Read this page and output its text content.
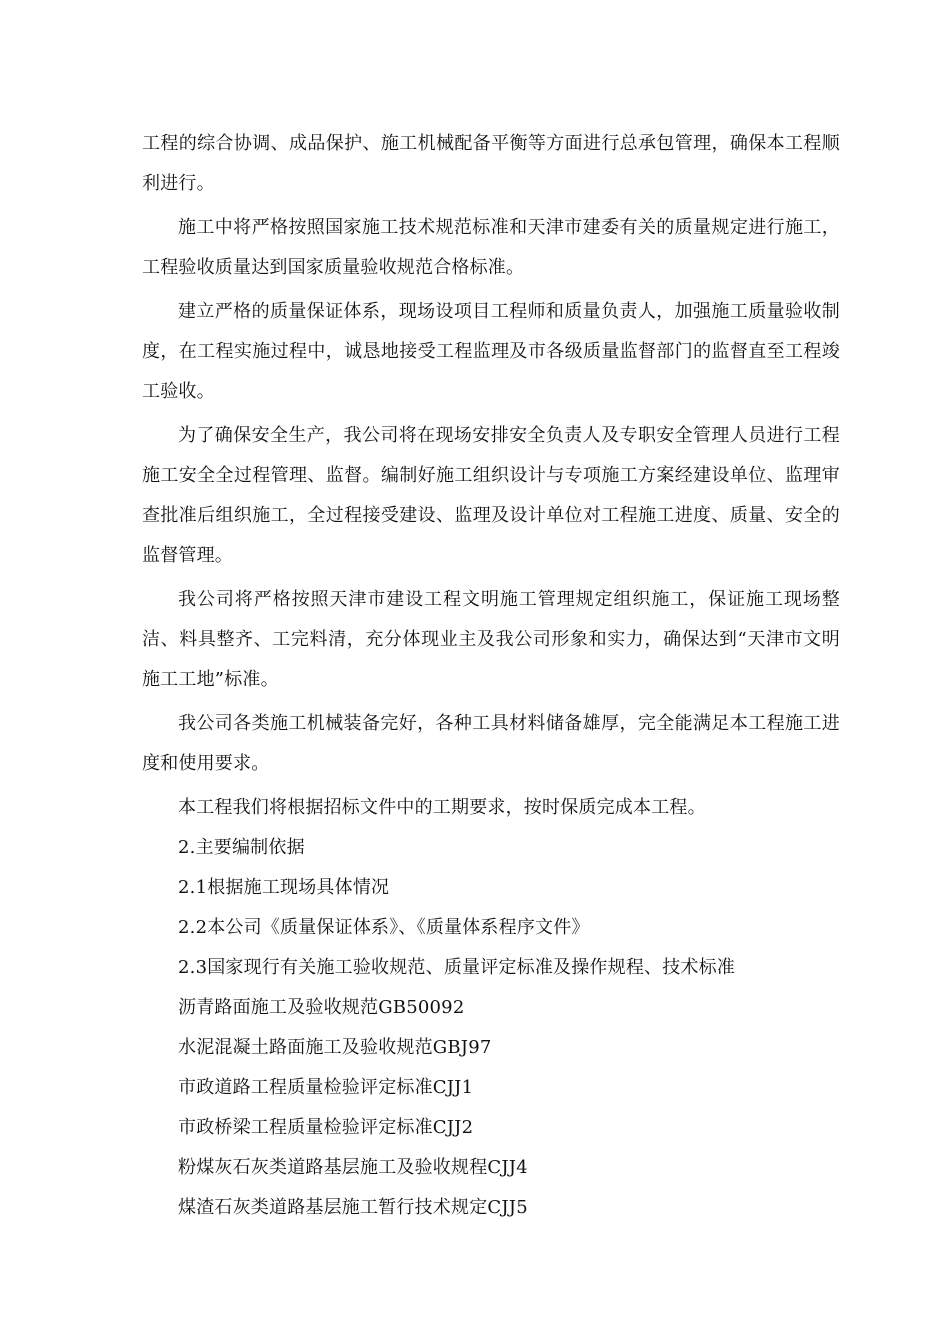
工程的综合协调、成品保护、施工机械配备平衡等方面进行总承包管理，确保本工程顺利进行。

施工中将严格按照国家施工技术规范标准和天津市建委有关的质量规定进行施工，工程验收质量达到国家质量验收规范合格标准。

建立严格的质量保证体系，现场设项目工程师和质量负责人，加强施工质量验收制度，在工程实施过程中，诚恳地接受工程监理及市各级质量监督部门的监督直至工程竣工验收。

为了确保安全生产，我公司将在现场安排安全负责人及专职安全管理人员进行工程施工安全全过程管理、监督。编制好施工组织设计与专项施工方案经建设单位、监理审查批准后组织施工，全过程接受建设、监理及设计单位对工程施工进度、质量、安全的监督管理。

我公司将严格按照天津市建设工程文明施工管理规定组织施工，保证施工现场整洁、料具整齐、工完料清，充分体现业主及我公司形象和实力，确保达到“天津市文明施工工地”标准。

我公司各类施工机械装备完好，各种工具材料储备雄厚，完全能满足本工程施工进度和使用要求。

本工程我们将根据招标文件中的工期要求，按时保质完成本工程。

2.主要编制依据

2.1根据施工现场具体情况

2.2本公司《质量保证体系》、《质量体系程序文件》

2.3国家现行有关施工验收规范、质量评定标准及操作规程、技术标准

沥青路面施工及验收规范GB50092

水泥混凝土路面施工及验收规范GBJ97

市政道路工程质量检验评定标准CJJ1

市政桥梁工程质量检验评定标准CJJ2

粉煤灰石灰类道路基层施工及验收规程CJJ4

煤渣石灰类道路基层施工暂行技术规定CJJ5
